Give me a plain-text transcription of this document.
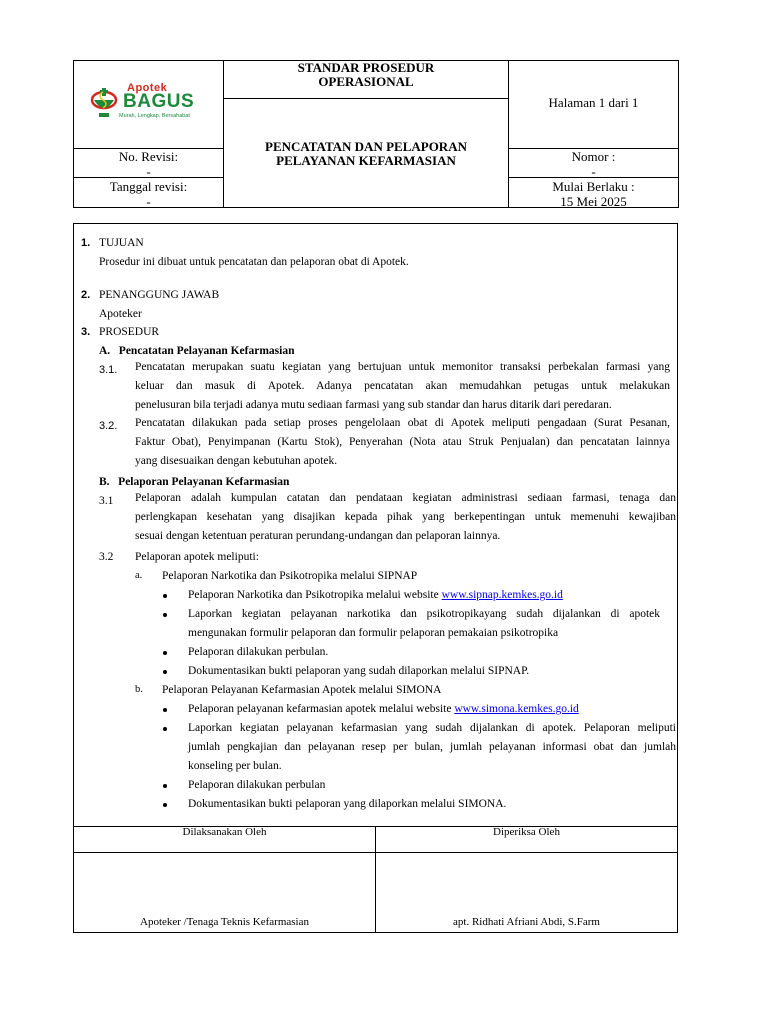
Apotek
BAGUS
Murah, Lengkap, Bersahabat
STANDAR PROSEDUR
OPERASIONAL
PENCATATAN DAN PELAPORAN
PELAYANAN KEFARMASIAN
Halaman 1 dari 1
No. Revisi:
-
Tanggal revisi:
-
Nomor :
-
Mulai Berlaku :
15 Mei 2025
1. TUJUAN
Prosedur ini dibuat untuk pencatatan dan pelaporan obat di Apotek.
2. PENANGGUNG JAWAB
Apoteker
3. PROSEDUR
A.   Pencatatan Pelayanan Kefarmasian
3.1. Pencatatan merupakan suatu kegiatan yang bertujuan untuk memonitor transaksi perbekalan farmasi yang
keluar dan masuk di Apotek. Adanya pencatatan akan memudahkan petugas untuk melakukan
penelusuran bila terjadi adanya mutu sediaan farmasi yang sub standar dan harus ditarik dari peredaran.
3.2. Pencatatan dilakukan pada setiap proses pengelolaan obat di Apotek meliputi pengadaan (Surat Pesanan,
Faktur Obat), Penyimpanan (Kartu Stok), Penyerahan (Nota atau Struk Penjualan) dan pencatatan lainnya
yang disesuaikan dengan kebutuhan apotek.
B.   Pelaporan Pelayanan Kefarmasian
3.1 Pelaporan adalah kumpulan catatan dan pendataan kegiatan administrasi sediaan farmasi, tenaga dan
perlengkapan kesehatan yang disajikan kepada pihak yang berkepentingan untuk memenuhi kewajiban
sesuai dengan ketentuan peraturan perundang-undangan dan pelaporan lainnya.
3.2 Pelaporan apotek meliputi:
a. Pelaporan Narkotika dan Psikotropika melalui SIPNAP
Pelaporan Narkotika dan Psikotropika melalui website www.sipnap.kemkes.go.id
Laporkan kegiatan pelayanan narkotika dan psikotropikayang sudah dijalankan di apotek
mengunakan formulir pelaporan dan formulir pelaporan pemakaian psikotropika
Pelaporan dilakukan perbulan.
Dokumentasikan bukti pelaporan yang sudah dilaporkan melalui SIPNAP.
b. Pelaporan Pelayanan Kefarmasian Apotek melalui SIMONA
Pelaporan pelayanan kefarmasian apotek melalui website www.simona.kemkes.go.id
Laporkan kegiatan pelayanan kefarmasian yang sudah dijalankan di apotek. Pelaporan meliputi
jumlah pengkajian dan pelayanan resep per bulan, jumlah pelayanan informasi obat dan jumlah
konseling per bulan.
Pelaporan dilakukan perbulan
Dokumentasikan bukti pelaporan yang dilaporkan melalui SIMONA.
Dilaksanakan Oleh	Diperiksa Oleh
Apoteker /Tenaga Teknis Kefarmasian	apt. Ridhati Afriani Abdi, S.Farm
